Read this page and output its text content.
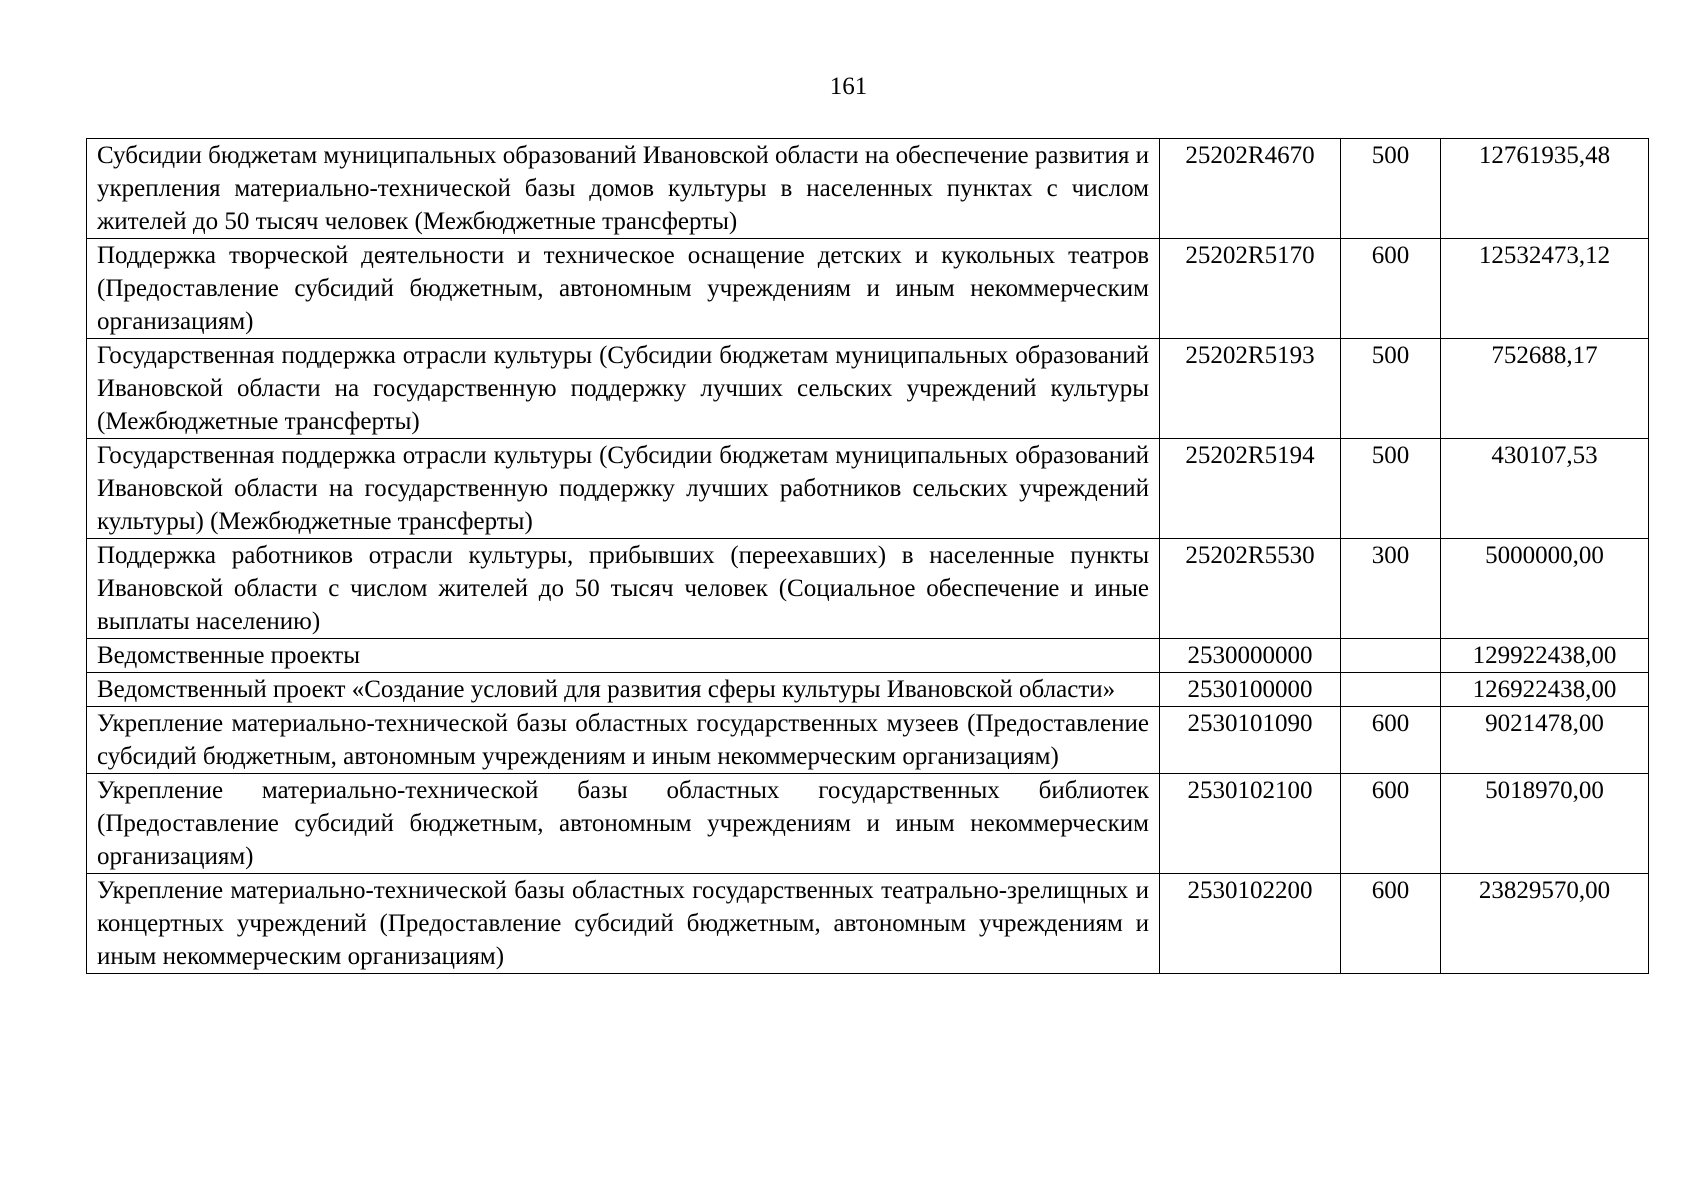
161
Субсидии бюджетам муниципальных образований Ивановской области на обеспечение развития и укрепления материально-технической базы домов культуры в населенных пунктах с числом жителей до 50 тысяч человек (Межбюджетные трансферты)	25202R4670	500	12761935,48
Поддержка творческой деятельности и техническое оснащение детских и кукольных театров (Предоставление субсидий бюджетным, автономным учреждениям и иным некоммерческим организациям)	25202R5170	600	12532473,12
Государственная поддержка отрасли культуры (Субсидии бюджетам муниципальных образований Ивановской области на государственную поддержку лучших сельских учреждений культуры (Межбюджетные трансферты)	25202R5193	500	752688,17
Государственная поддержка отрасли культуры (Субсидии бюджетам муниципальных образований Ивановской области на государственную поддержку лучших работников сельских учреждений культуры) (Межбюджетные трансферты)	25202R5194	500	430107,53
Поддержка работников отрасли культуры, прибывших (переехавших) в населенные пункты Ивановской области с числом жителей до 50 тысяч человек (Социальное обеспечение и иные выплаты населению)	25202R5530	300	5000000,00
Ведомственные проекты	2530000000		129922438,00
Ведомственный проект «Создание условий для развития сферы культуры Ивановской области»	2530100000		126922438,00
Укрепление материально-технической базы областных государственных музеев (Предоставление субсидий бюджетным, автономным учреждениям и иным некоммерческим организациям)	2530101090	600	9021478,00
Укрепление материально-технической базы областных государственных библиотек (Предоставление субсидий бюджетным, автономным учреждениям и иным некоммерческим организациям)	2530102100	600	5018970,00
Укрепление материально-технической базы областных государственных театрально-зрелищных и концертных учреждений (Предоставление субсидий бюджетным, автономным учреждениям и иным некоммерческим организациям)	2530102200	600	23829570,00
